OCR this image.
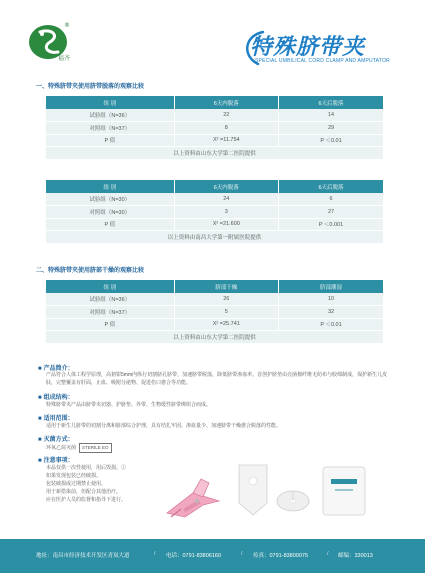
®
福齐	特殊脐带夹
SPECIAL UMBILICAL CORD CLAMP AND AMPUTATOR
一、特殊脐带夹使用脐带脱落的观察比较
组 别	6天内脱落	6天后脱落
试验组（N=36）	22	14
对照组（N=37）	8	29
P 值	X² =11.754	P ＜0.01
以上资料由山东大学第二医院提供		
组 别	6天内脱落	6天后脱落
试验组（N=30）	24	6
对照组（N=30）	3	27
P 值	X² =21.600	P ＜0.001
以上资料由南昌大学第一附属医院提供		
二、特殊脐带夹使用脐部干燥的观察比较
组 别	脐部干燥	脐部潮湿
试验组（N=36）	26	10
对照组（N=37）	5	32
P 值	X² =25.741	P ＜0.01
以上资料由山东大学第二医院提供		
■ 产品简介：
产品符合人体工程学原理，高韧钳5mm内纵行切割脐孔脐带，加速脐带脱落，降低脐带渗血率。首创护脐垫由亮菌棉纤维无纺布与胶绵制成，保护新生儿皮肤，完整覆盖有肝面，止血、吸附分泌物、促进伤口愈合等功能。
■ 组成结构：
特殊脐带夹产品由脐带夹切器、护脐垫、外带、生物缓性脐带绑组合而成。
■ 适用范围：
适用于新生儿脐带的切割分离和脐部综合护理，具有结扎牢固、渗血量少、加速脐带干燥愈合脱落的性能。
■ 灭菌方式：
环氧乙烷灭菌 STERILE EO
■ 注意事项：
本品仅供一次性使用，用后毁损。②
如果发现包装已经破损。
包装破损或过期禁止使用。
用于新搭染前，但配合其他治疗。
应在医护人员的监督和指导下进行。
地址：南昌市经济技术开发区青岚大道	/ 电话：0791-83806160	/ 传真：0791-83800075	/ 邮编：330013
